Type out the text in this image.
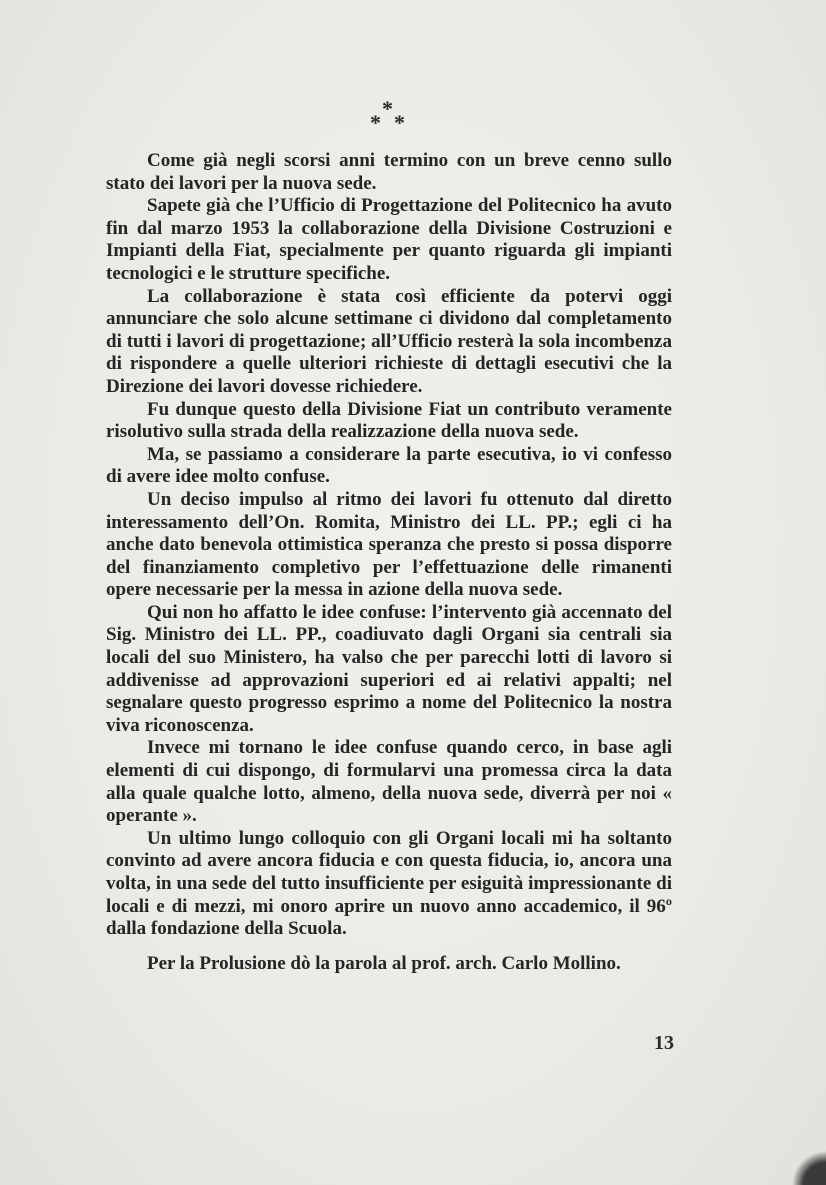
*
* *

Come già negli scorsi anni termino con un breve cenno sullo stato dei lavori per la nuova sede.

Sapete già che l’Ufficio di Progettazione del Politecnico ha avuto fin dal marzo 1953 la collaborazione della Divisione Costruzioni e Impianti della Fiat, specialmente per quanto riguarda gli impianti tecnologici e le strutture specifiche.

La collaborazione è stata così efficiente da potervi oggi annunciare che solo alcune settimane ci dividono dal completamento di tutti i lavori di progettazione; all’Ufficio resterà la sola incombenza di rispondere a quelle ulteriori richieste di dettagli esecutivi che la Direzione dei lavori dovesse richiedere.

Fu dunque questo della Divisione Fiat un contributo veramente risolutivo sulla strada della realizzazione della nuova sede.

Ma, se passiamo a considerare la parte esecutiva, io vi confesso di avere idee molto confuse.

Un deciso impulso al ritmo dei lavori fu ottenuto dal diretto interessamento dell’On. Romita, Ministro dei LL. PP.; egli ci ha anche dato benevola ottimistica speranza che presto si possa disporre del finanziamento completivo per l’effettuazione delle rimanenti opere necessarie per la messa in azione della nuova sede.

Qui non ho affatto le idee confuse: l’intervento già accennato del Sig. Ministro dei LL. PP., coadiuvato dagli Organi sia centrali sia locali del suo Ministero, ha valso che per parecchi lotti di lavoro si addivenisse ad approvazioni superiori ed ai relativi appalti; nel segnalare questo progresso esprimo a nome del Politecnico la nostra viva riconoscenza.

Invece mi tornano le idee confuse quando cerco, in base agli elementi di cui dispongo, di formularvi una promessa circa la data alla quale qualche lotto, almeno, della nuova sede, diverrà per noi « operante ».

Un ultimo lungo colloquio con gli Organi locali mi ha soltanto convinto ad avere ancora fiducia e con questa fiducia, io, ancora una volta, in una sede del tutto insufficiente per esiguità impressionante di locali e di mezzi, mi onoro aprire un nuovo anno accademico, il 96º dalla fondazione della Scuola.

Per la Prolusione dò la parola al prof. arch. Carlo Mollino.

13
